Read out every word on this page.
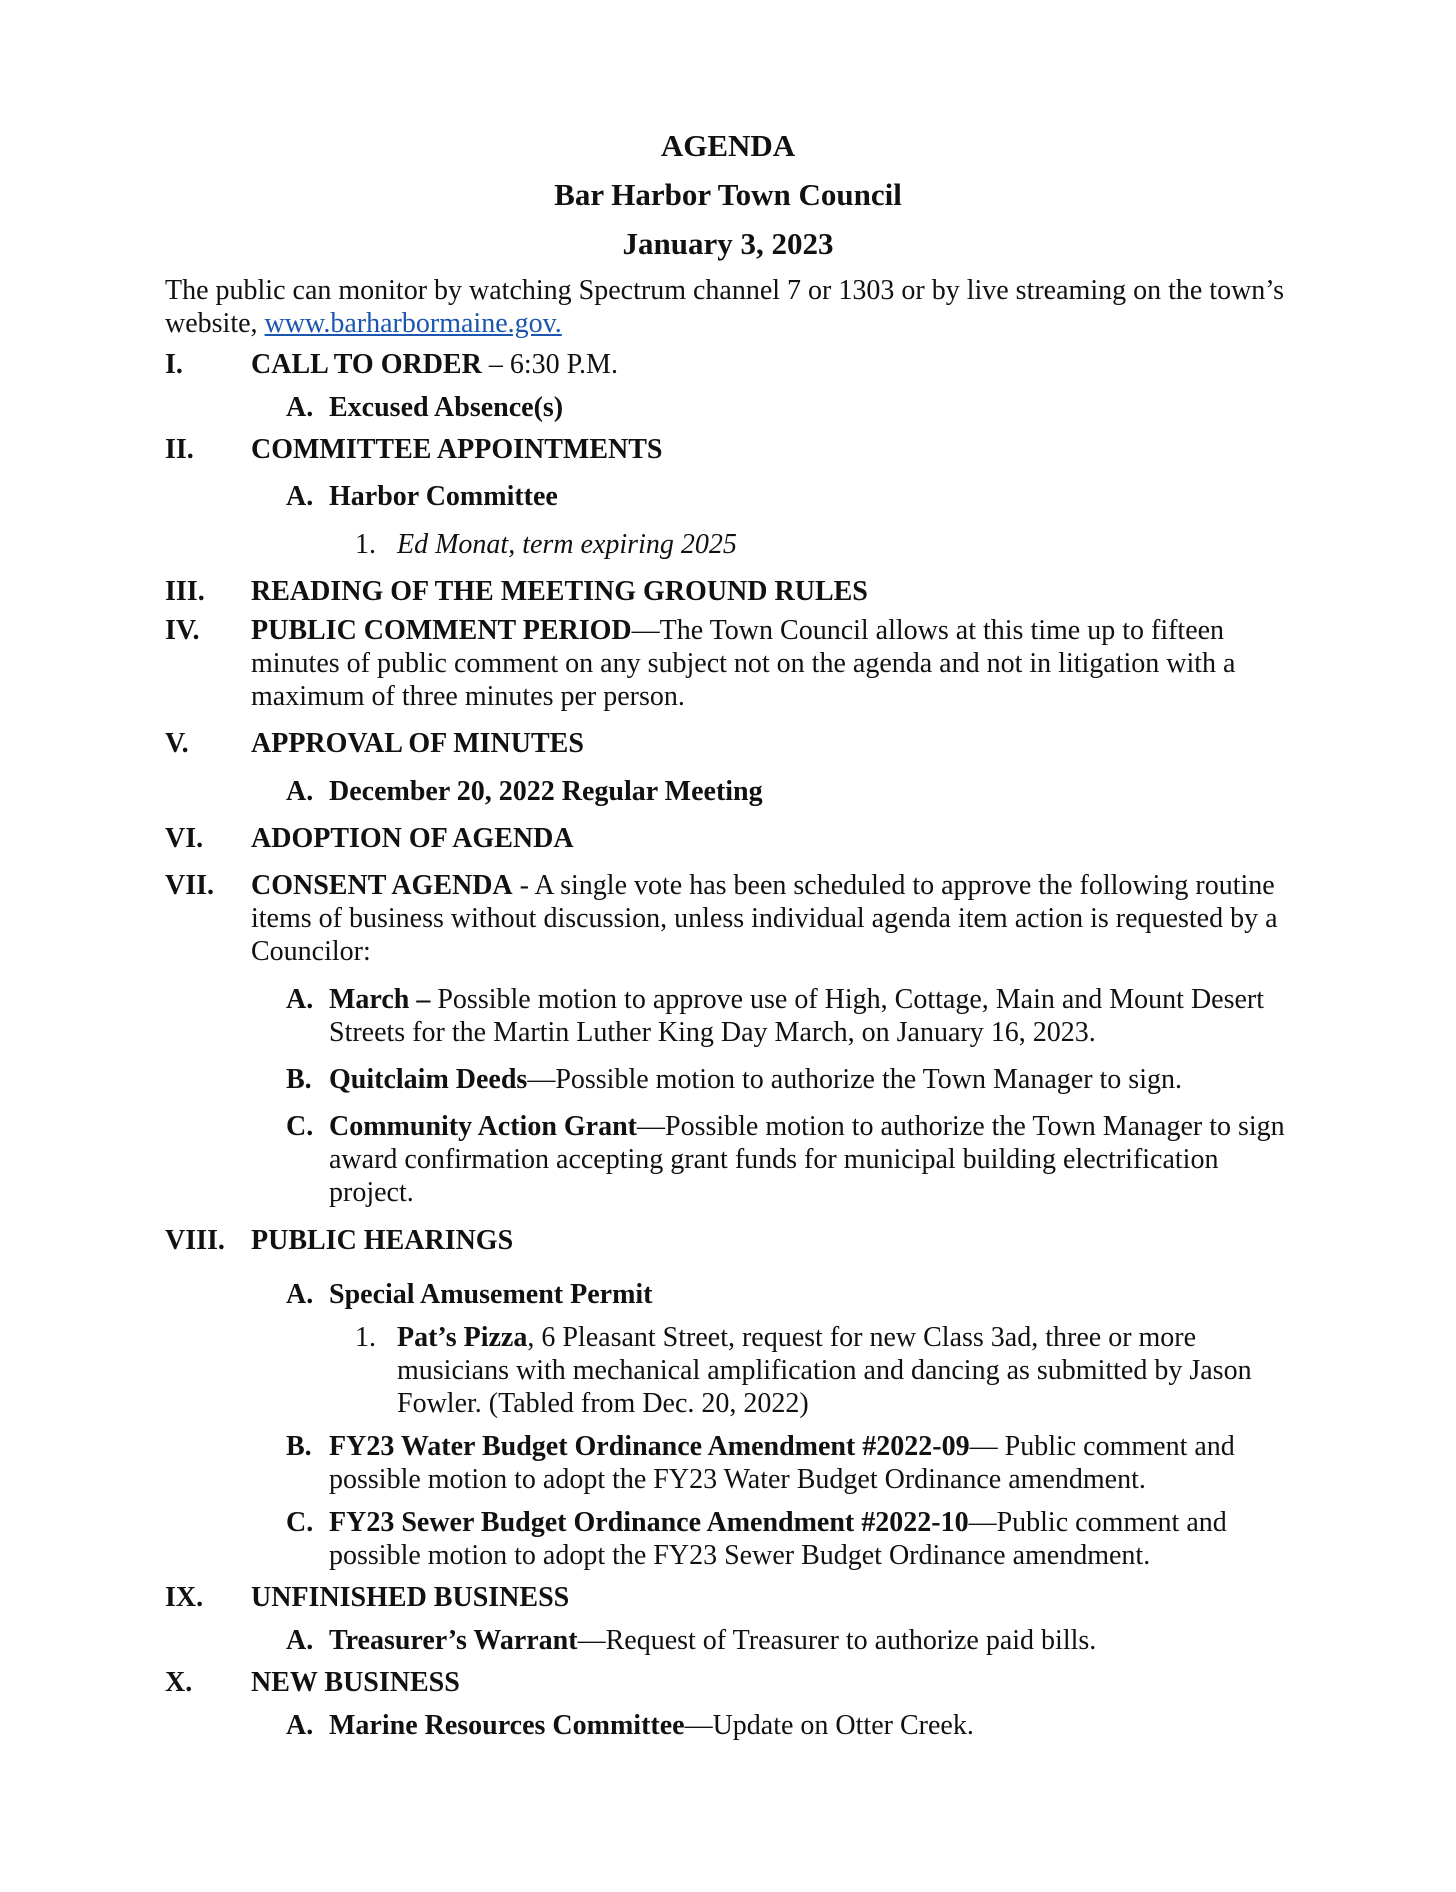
AGENDA
Bar Harbor Town Council
January 3, 2023
The public can monitor by watching Spectrum channel 7 or 1303 or by live streaming on the town’s
website, www.barharbormaine.gov.
I. CALL TO ORDER – 6:30 P.M.
A. Excused Absence(s)
II. COMMITTEE APPOINTMENTS
A. Harbor Committee
1. Ed Monat, term expiring 2025
III. READING OF THE MEETING GROUND RULES
IV. PUBLIC COMMENT PERIOD—The Town Council allows at this time up to fifteen
minutes of public comment on any subject not on the agenda and not in litigation with a
maximum of three minutes per person.
V. APPROVAL OF MINUTES
A. December 20, 2022 Regular Meeting
VI. ADOPTION OF AGENDA
VII. CONSENT AGENDA - A single vote has been scheduled to approve the following routine
items of business without discussion, unless individual agenda item action is requested by a
Councilor:
A. March – Possible motion to approve use of High, Cottage, Main and Mount Desert
Streets for the Martin Luther King Day March, on January 16, 2023.
B. Quitclaim Deeds—Possible motion to authorize the Town Manager to sign.
C. Community Action Grant—Possible motion to authorize the Town Manager to sign
award confirmation accepting grant funds for municipal building electrification
project.
VIII. PUBLIC HEARINGS
A. Special Amusement Permit
1. Pat’s Pizza, 6 Pleasant Street, request for new Class 3ad, three or more
musicians with mechanical amplification and dancing as submitted by Jason
Fowler. (Tabled from Dec. 20, 2022)
B. FY23 Water Budget Ordinance Amendment #2022-09— Public comment and
possible motion to adopt the FY23 Water Budget Ordinance amendment.
C. FY23 Sewer Budget Ordinance Amendment #2022-10—Public comment and
possible motion to adopt the FY23 Sewer Budget Ordinance amendment.
IX. UNFINISHED BUSINESS
A. Treasurer’s Warrant—Request of Treasurer to authorize paid bills.
X. NEW BUSINESS
A. Marine Resources Committee—Update on Otter Creek.
